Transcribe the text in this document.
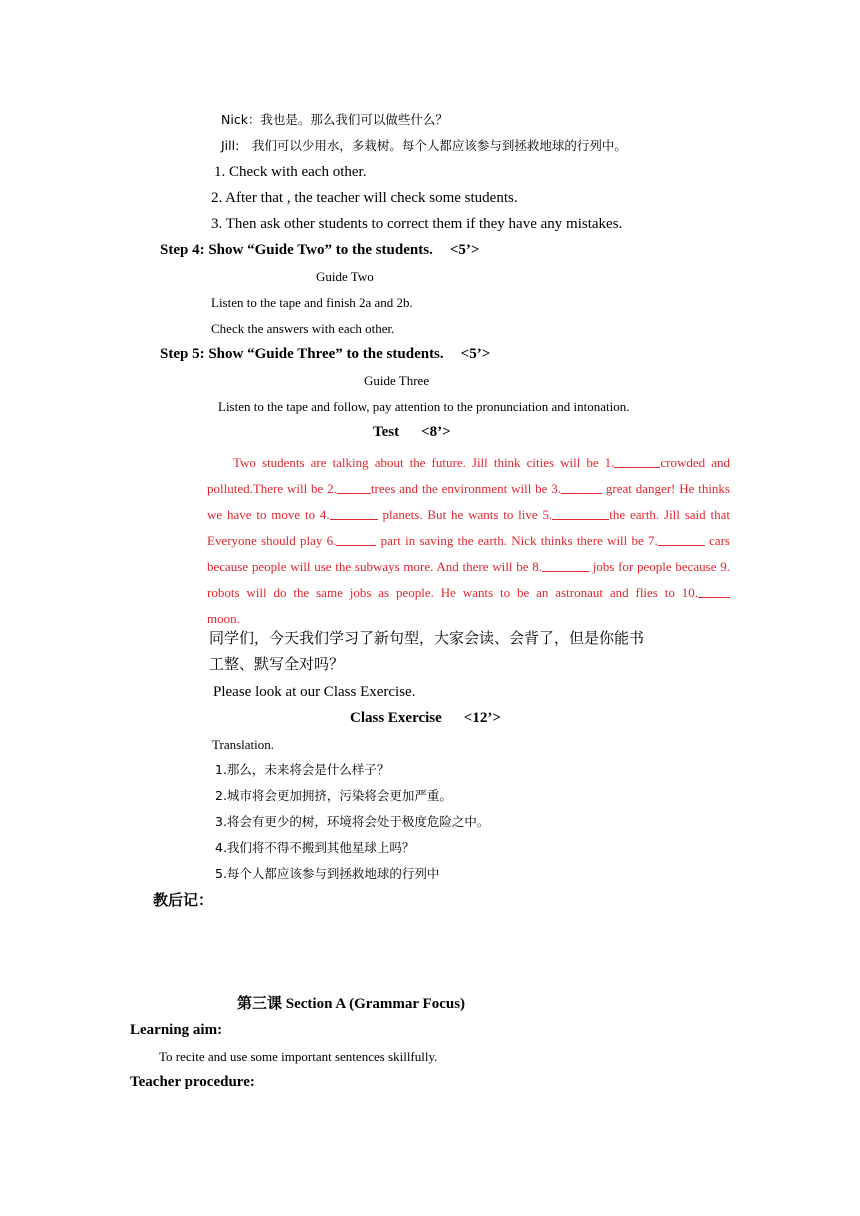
Nick：我也是。那么我们可以做些什么？
Jill:　我们可以少用水，多栽树。每个人都应该参与到拯救地球的行列中。
1. Check with each other.
2. After that , the teacher will check some students.
3. Then ask other students to correct them if they have any mistakes.
Step 4: Show “Guide Two” to the students. <5’>
Guide Two
Listen to the tape and finish 2a and 2b.
Check the answers with each other.
Step 5: Show “Guide Three” to the students. <5’>
Guide Three
Listen to the tape and follow, pay attention to the pronunciation and intonation.
Test <8’>
Two students are talking about the future. Jill think cities will be 1.	crowded and
polluted.There will be 2.	trees and the environment will be 3.	great danger! He thinks
we have to move to 4.	planets. But he wants to live 5.	the earth. Jill said that
Everyone should play 6.	part in saving the earth. Nick thinks there will be 7.	cars
because people will use the subways more. And there will be 8.	jobs for people because 9.
robots will do the same jobs as people. He wants to be an astronaut and flies to 10.
moon.
同学们，今天我们学习了新句型，大家会读、会背了，但是你能书
工整、默写全对吗？
Please look at our Class Exercise.
Class Exercise <12’>
Translation.
1.那么，未来将会是什么样子？
2.城市将会更加拥挤，污染将会更加严重。
3.将会有更少的树，环境将会处于极度危险之中。
4.我们将不得不搬到其他星球上吗？
5.每个人都应该参与到拯救地球的行列中
教后记：
第三课 Section A (Grammar Focus)
Learning aim:
To recite and use some important sentences skillfully.
Teacher procedure:
